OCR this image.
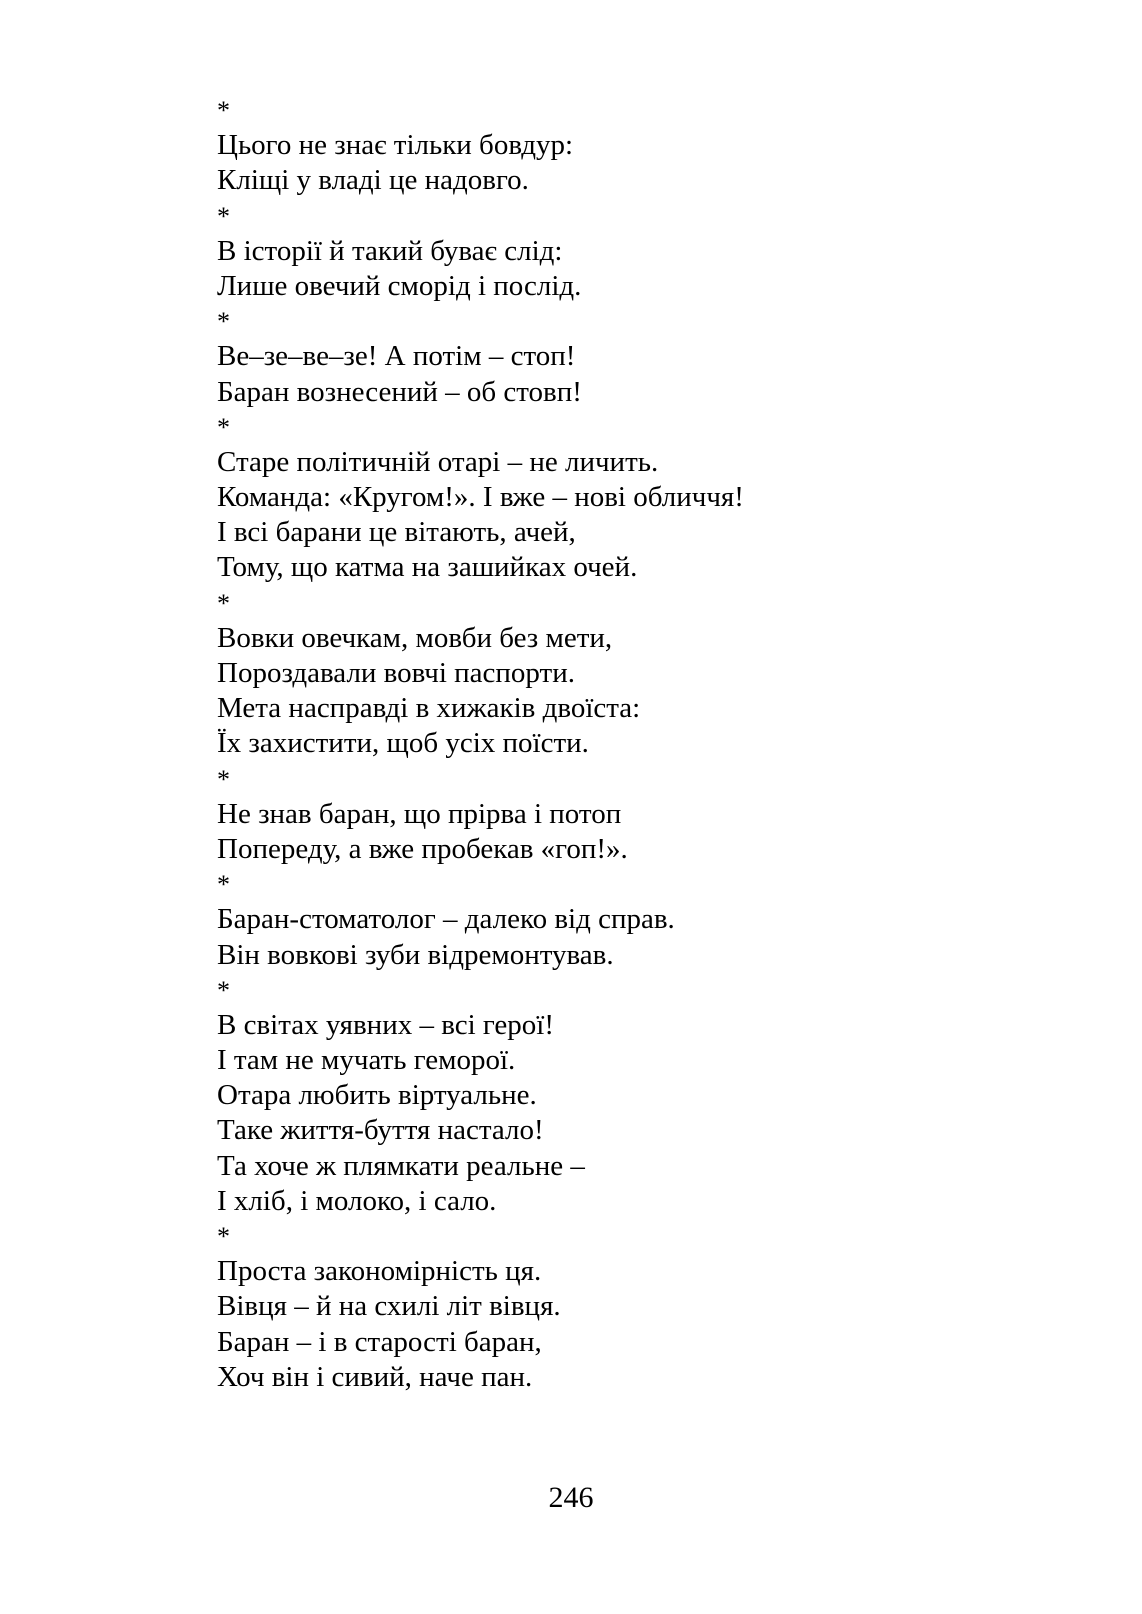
*
Цього не знає тільки бовдур:
Кліщі у владі це надовго.
*
В історії й такий буває слід:
Лише овечий сморід і послід.
*
Ве–зе–ве–зе! А потім – стоп!
Баран вознесений – об стовп!
*
Старе політичній отарі – не личить.
Команда: «Кругом!». І вже – нові обличчя!
І всі барани це вітають, ачей,
Тому, що катма на зашийках очей.
*
Вовки овечкам, мовби без мети,
Пороздавали вовчі паспорти.
Мета насправді в хижаків двоїста:
Їх захистити, щоб усіх поїсти.
*
Не знав баран, що прірва і потоп
Попереду, а вже пробекав «гоп!».
*
Баран-стоматолог – далеко від справ.
Він вовкові зуби відремонтував.
*
В світах уявних – всі герої!
І там не мучать геморої.
Отара любить віртуальне.
Таке життя-буття настало!
Та хоче ж плямкати реальне –
І хліб, і молоко, і сало.
*
Проста закономірність ця.
Вівця – й на схилі літ вівця.
Баран – і в старості баран,
Хоч він і сивий, наче пан.
246
